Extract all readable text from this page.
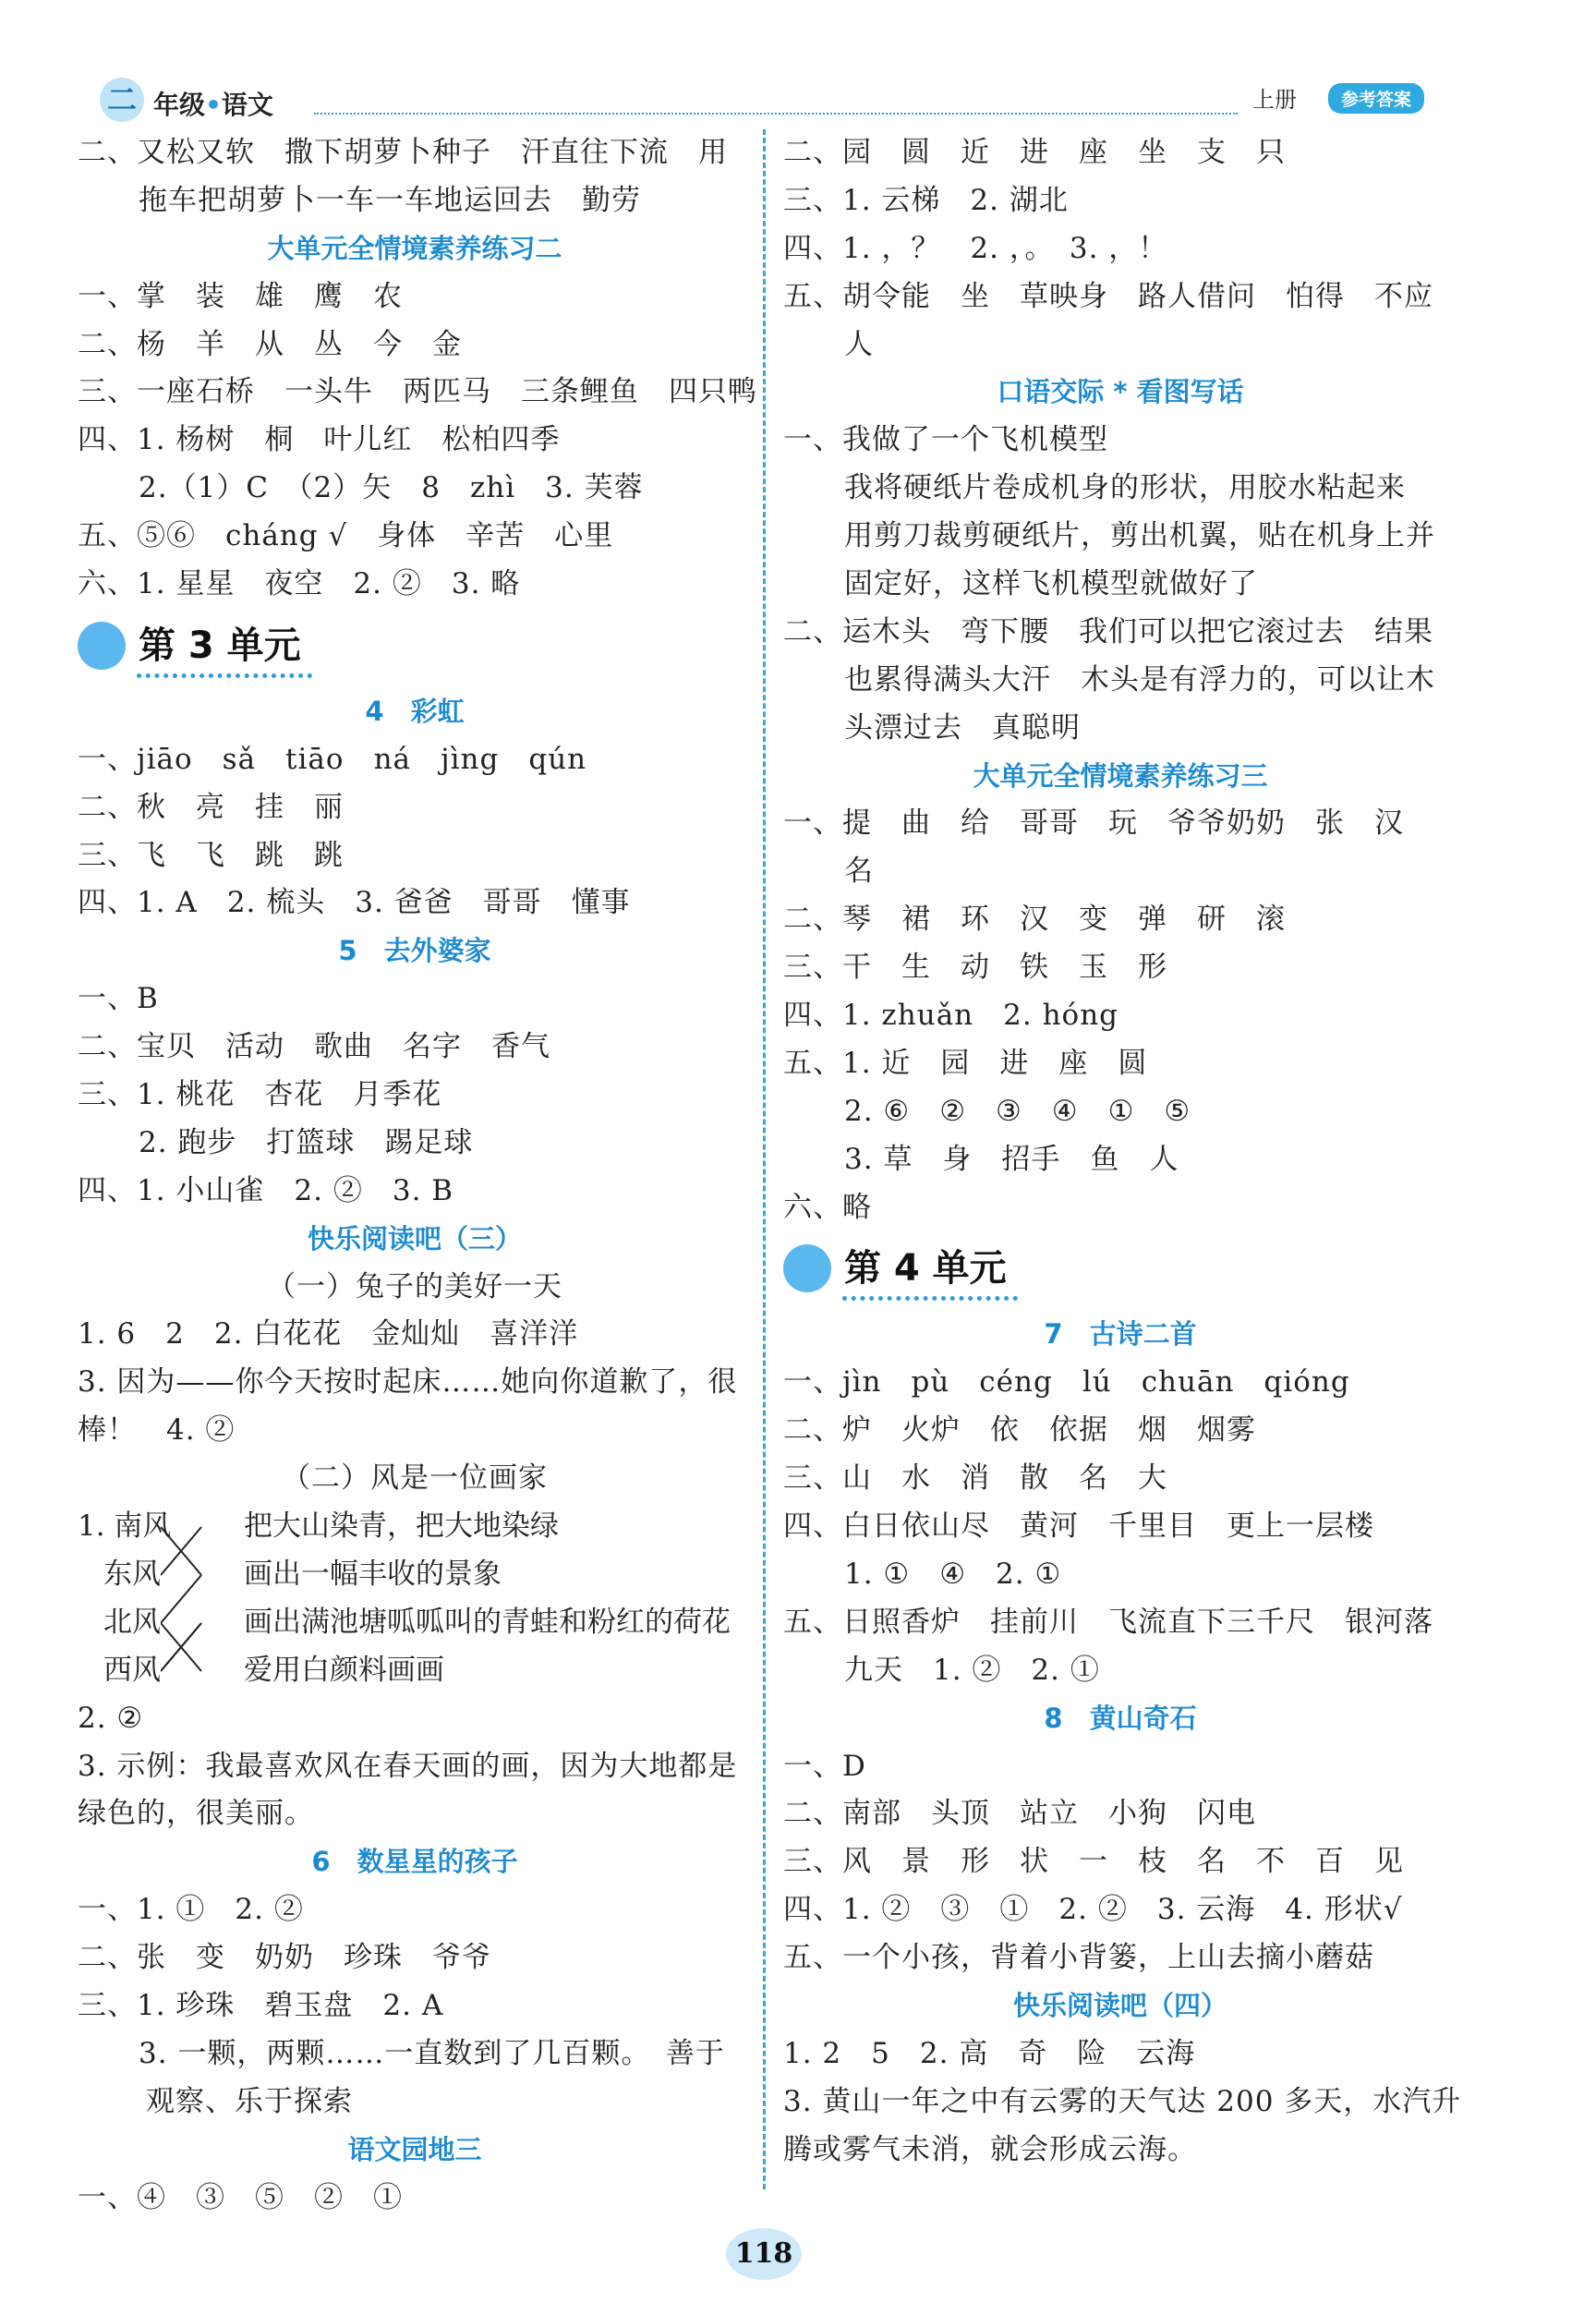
二 年级•语文	上册	参考答案
二、又松又软　撒下胡萝卜种子　汗直往下流　用
拖车把胡萝卜一车一车地运回去　勤劳
大单元全情境素养练习二
一、掌　装　雄　鹰　农
二、杨　羊　从　丛　今　金
三、一座石桥　一头牛　两匹马　三条鲤鱼　四只鸭
四、1. 杨树　桐　叶儿红　松柏四季
2.（1）C　（2）矢　8　zhì　3. 芙蓉
五、⑤⑥　cháng √　身体　辛苦　心里
六、1. 星星　夜空　2. ②　3. 略
第 3 单元
4　彩虹
一、jiāo　sǎ　tiāo　ná　jìng　qún
二、秋　亮　挂　丽
三、飞　飞　跳　跳
四、1. A　2. 梳头　3. 爸爸　哥哥　懂事
5　去外婆家
一、B
二、宝贝　活动　歌曲　名字　香气
三、1. 桃花　杏花　月季花
2. 跑步　打篮球　踢足球
四、1. 小山雀　2. ②　3. B
快乐阅读吧（三）
（一）兔子的美好一天
1. 6　2　2. 白花花　金灿灿　喜洋洋
3. 因为——你今天按时起床……她向你道歉了，很
棒！　4. ②
（二）风是一位画家
1. 南风
东风
北风
西风
把大山染青，把大地染绿
画出一幅丰收的景象
画出满池塘呱呱叫的青蛙和粉红的荷花
爱用白颜料画画
2. ②
3. 示例：我最喜欢风在春天画的画，因为大地都是
绿色的，很美丽。
6　数星星的孩子
一、1. ①　2. ②
二、张　变　奶奶　珍珠　爷爷
三、1. 珍珠　碧玉盘　2. A
3. 一颗，两颗……一直数到了几百颗。　善于
观察、乐于探索
语文园地三
一、④　③　⑤　②　①
二、园　圆　近　进　座　坐　支　只
三、1. 云梯　2. 湖北
四、1. ，？　2. ，。　3. ，！
五、胡令能　坐　草映身　路人借问　怕得　不应
人
口语交际 * 看图写话
一、我做了一个飞机模型
我将硬纸片卷成机身的形状，用胶水粘起来
用剪刀裁剪硬纸片，剪出机翼，贴在机身上并
固定好，这样飞机模型就做好了
二、运木头　弯下腰　我们可以把它滚过去　结果
也累得满头大汗　木头是有浮力的，可以让木
头漂过去　真聪明
大单元全情境素养练习三
一、提　曲　给　哥哥　玩　爷爷奶奶　张　汉
名
二、琴　裙　环　汉　变　弹　研　滚
三、干　生　动　铁　玉　形
四、1. zhuǎn　2. hóng
五、1. 近　园　进　座　圆
2. ⑥　②　③　④　①　⑤
3. 草　身　招手　鱼　人
六、略
第 4 单元
7　古诗二首
一、jìn　pù　céng　lú　chuān　qióng
二、炉　火炉　依　依据　烟　烟雾
三、山　水　消　散　名　大
四、白日依山尽　黄河　千里目　更上一层楼
1. ①　④　2. ①
五、日照香炉　挂前川　飞流直下三千尺　银河落
九天　1. ②　2. ①
8　黄山奇石
一、D
二、南部　头顶　站立　小狗　闪电
三、风　景　形　状　一　枝　名　不　百　见
四、1. ②　③　①　2. ②　3. 云海　4. 形状√
五、一个小孩，背着小背篓，上山去摘小蘑菇
快乐阅读吧（四）
1. 2　5　2. 高　奇　险　云海
3. 黄山一年之中有云雾的天气达 200 多天，水汽升
腾或雾气未消，就会形成云海。
118
